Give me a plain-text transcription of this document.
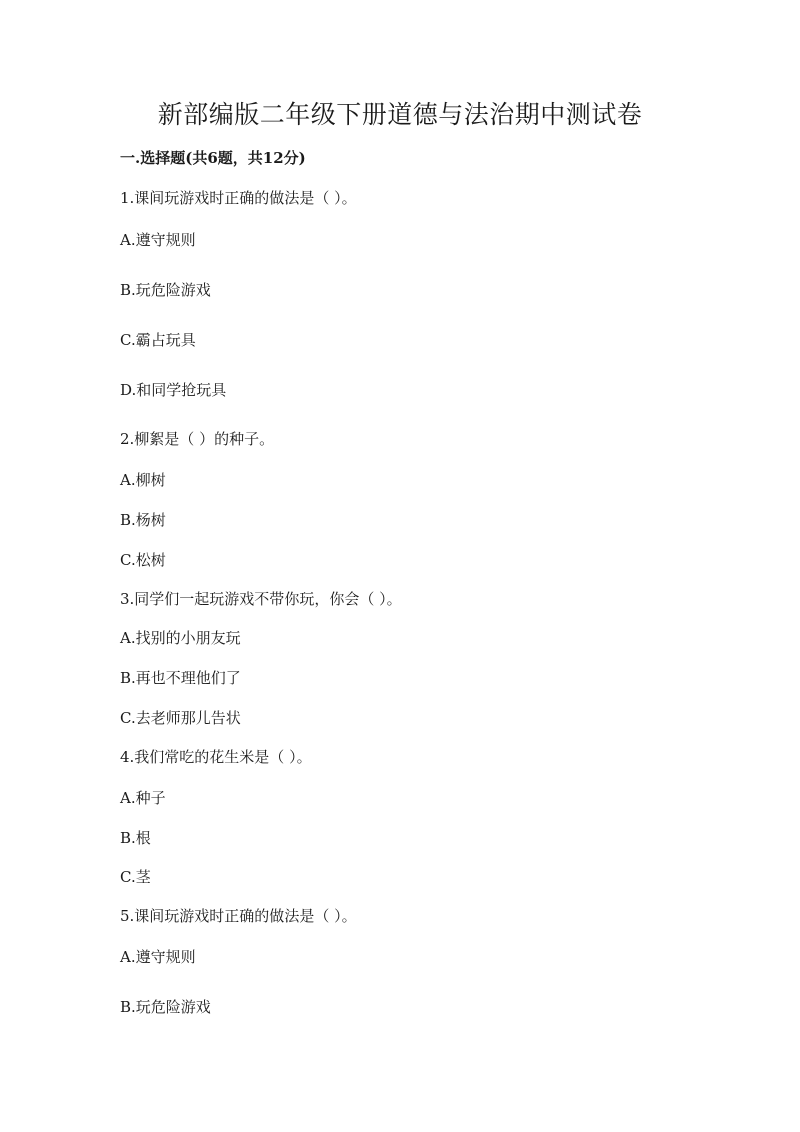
新部编版二年级下册道德与法治期中测试卷

一.选择题(共6题，共12分)

1.课间玩游戏时正确的做法是（ ）。

A.遵守规则

B.玩危险游戏

C.霸占玩具

D.和同学抢玩具

2.柳絮是（ ）的种子。

A.柳树

B.杨树

C.松树

3.同学们一起玩游戏不带你玩，你会（ ）。

A.找别的小朋友玩

B.再也不理他们了

C.去老师那儿告状

4.我们常吃的花生米是（ ）。

A.种子

B.根

C.茎

5.课间玩游戏时正确的做法是（ ）。

A.遵守规则

B.玩危险游戏
